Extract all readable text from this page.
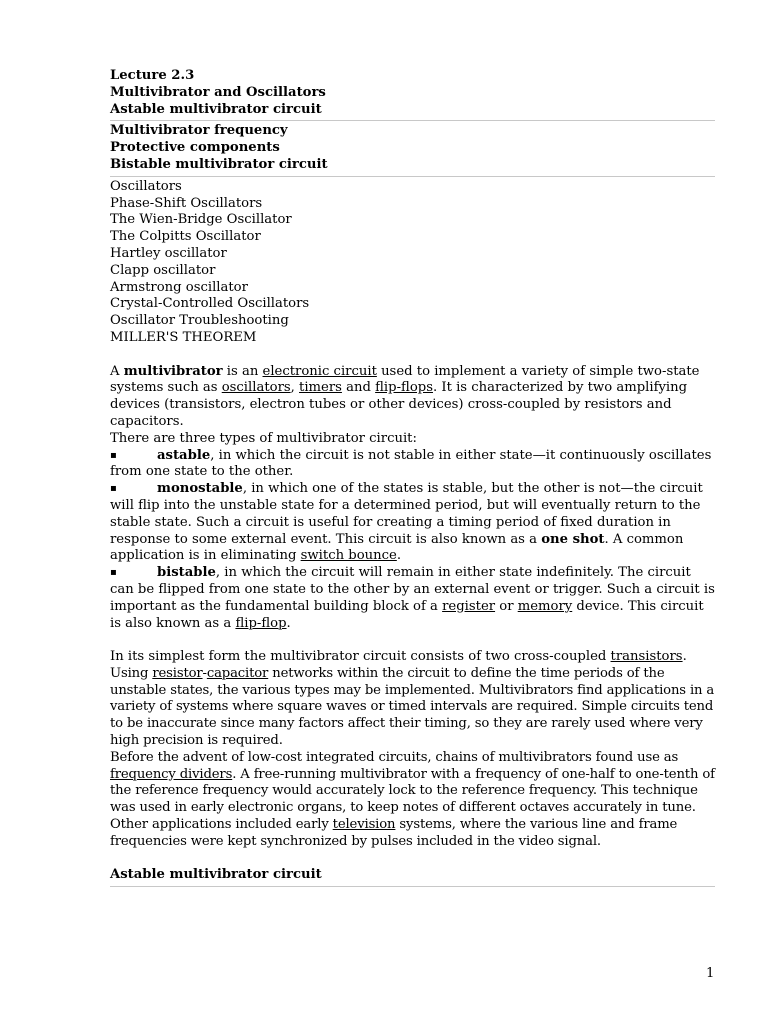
Lecture 2.3

Multivibrator and Oscillators

Astable multivibrator circuit

Multivibrator frequency

Protective components

Bistable multivibrator circuit

Oscillators

Phase-Shift Oscillators

The Wien-Bridge Oscillator

The Colpitts Oscillator

Hartley oscillator

Clapp oscillator

Armstrong oscillator

Crystal-Controlled Oscillators

Oscillator Troubleshooting

MILLER'S THEOREM

A multivibrator is an electronic circuit used to implement a variety of simple two-state systems such as oscillators, timers and flip-flops. It is characterized by two amplifying devices (transistors, electron tubes or other devices) cross-coupled by resistors and capacitors.

There are three types of multivibrator circuit:

▪	astable, in which the circuit is not stable in either state—it continuously oscillates from one state to the other.

▪	monostable, in which one of the states is stable, but the other is not—the circuit will flip into the unstable state for a determined period, but will eventually return to the stable state. Such a circuit is useful for creating a timing period of fixed duration in response to some external event. This circuit is also known as a one shot. A common application is in eliminating switch bounce.

▪	bistable, in which the circuit will remain in either state indefinitely. The circuit can be flipped from one state to the other by an external event or trigger. Such a circuit is important as the fundamental building block of a register or memory device. This circuit is also known as a flip-flop.

In its simplest form the multivibrator circuit consists of two cross-coupled transistors.

Using resistor-capacitor networks within the circuit to define the time periods of the unstable states, the various types may be implemented. Multivibrators find applications in a variety of systems where square waves or timed intervals are required. Simple circuits tend to be inaccurate since many factors affect their timing, so they are rarely used where very high precision is required.

Before the advent of low-cost integrated circuits, chains of multivibrators found use as frequency dividers. A free-running multivibrator with a frequency of one-half to one-tenth of the reference frequency would accurately lock to the reference frequency. This technique was used in early electronic organs, to keep notes of different octaves accurately in tune. Other applications included early television systems, where the various line and frame frequencies were kept synchronized by pulses included in the video signal.

Astable multivibrator circuit

1
